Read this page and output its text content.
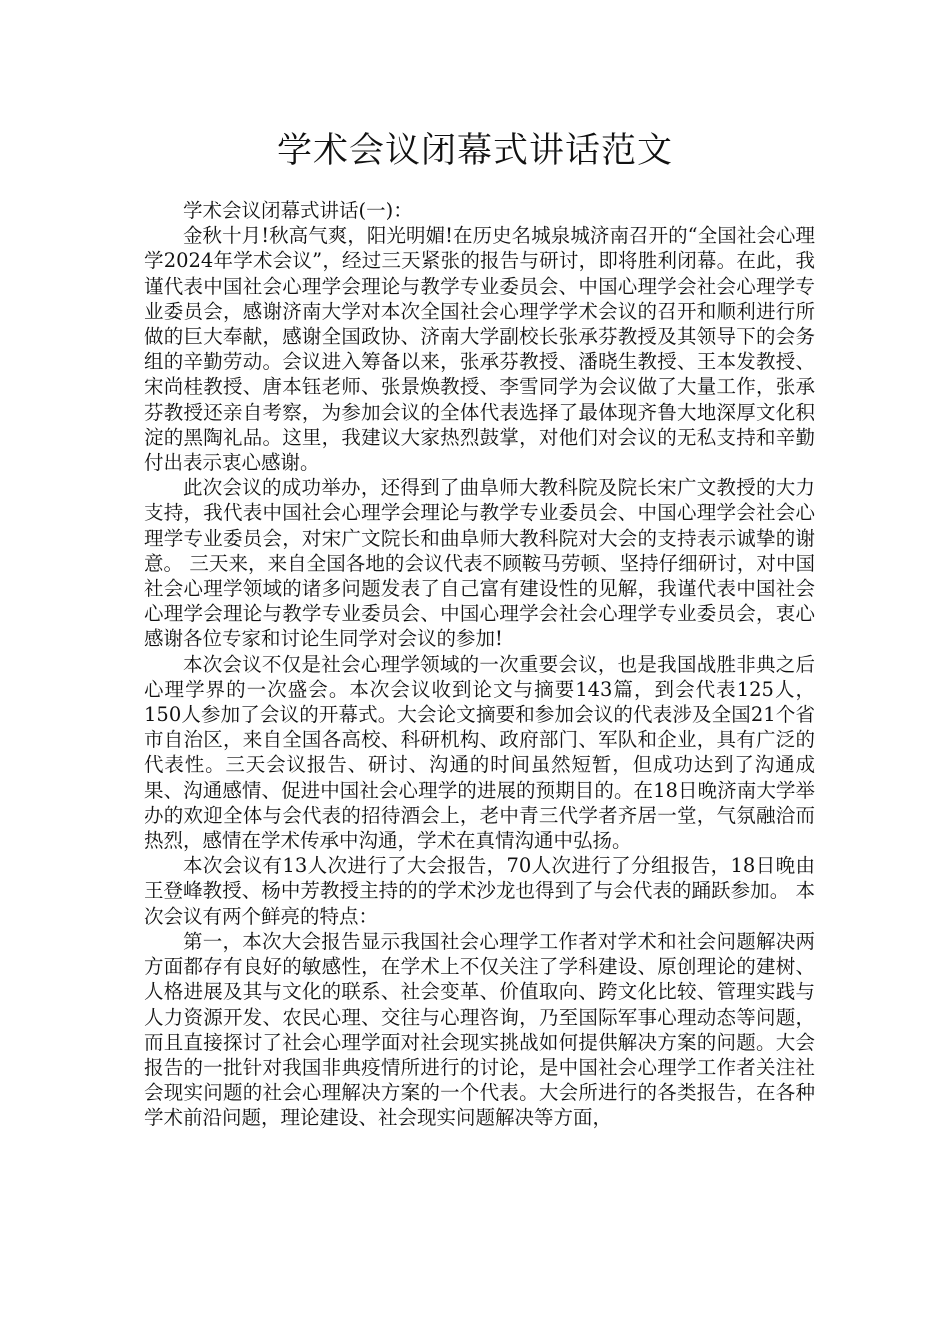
学术会议闭幕式讲话范文

学术会议闭幕式讲话(一)：

金秋十月!秋高气爽，阳光明媚!在历史名城泉城济南召开的“全国社会心理学2024年学术会议”，经过三天紧张的报告与研讨，即将胜利闭幕。在此，我谨代表中国社会心理学会理论与教学专业委员会、中国心理学会社会心理学专业委员会，感谢济南大学对本次全国社会心理学学术会议的召开和顺利进行所做的巨大奉献，感谢全国政协、济南大学副校长张承芬教授及其领导下的会务组的辛勤劳动。会议进入筹备以来，张承芬教授、潘晓生教授、王本发教授、宋尚桂教授、唐本钰老师、张景焕教授、李雪同学为会议做了大量工作，张承芬教授还亲自考察，为参加会议的全体代表选择了最体现齐鲁大地深厚文化积淀的黑陶礼品。这里，我建议大家热烈鼓掌，对他们对会议的无私支持和辛勤付出表示衷心感谢。

此次会议的成功举办，还得到了曲阜师大教科院及院长宋广文教授的大力支持，我代表中国社会心理学会理论与教学专业委员会、中国心理学会社会心理学专业委员会，对宋广文院长和曲阜师大教科院对大会的支持表示诚挚的谢意。 三天来，来自全国各地的会议代表不顾鞍马劳顿、坚持仔细研讨，对中国社会心理学领域的诸多问题发表了自己富有建设性的见解，我谨代表中国社会心理学会理论与教学专业委员会、中国心理学会社会心理学专业委员会，衷心感谢各位专家和讨论生同学对会议的参加!

本次会议不仅是社会心理学领域的一次重要会议，也是我国战胜非典之后心理学界的一次盛会。本次会议收到论文与摘要143篇，到会代表125人，150人参加了会议的开幕式。大会论文摘要和参加会议的代表涉及全国21个省市自治区，来自全国各高校、科研机构、政府部门、军队和企业，具有广泛的代表性。三天会议报告、研讨、沟通的时间虽然短暂，但成功达到了沟通成果、沟通感情、促进中国社会心理学的进展的预期目的。在18日晚济南大学举办的欢迎全体与会代表的招待酒会上，老中青三代学者齐居一堂，气氛融洽而热烈，感情在学术传承中沟通，学术在真情沟通中弘扬。

本次会议有13人次进行了大会报告，70人次进行了分组报告，18日晚由王登峰教授、杨中芳教授主持的的学术沙龙也得到了与会代表的踊跃参加。 本次会议有两个鲜亮的特点：

第一，本次大会报告显示我国社会心理学工作者对学术和社会问题解决两方面都存有良好的敏感性，在学术上不仅关注了学科建设、原创理论的建树、人格进展及其与文化的联系、社会变革、价值取向、跨文化比较、管理实践与人力资源开发、农民心理、交往与心理咨询，乃至国际军事心理动态等问题，而且直接探讨了社会心理学面对社会现实挑战如何提供解决方案的问题。大会报告的一批针对我国非典疫情所进行的讨论，是中国社会心理学工作者关注社会现实问题的社会心理解决方案的一个代表。大会所进行的各类报告，在各种学术前沿问题，理论建设、社会现实问题解决等方面，
